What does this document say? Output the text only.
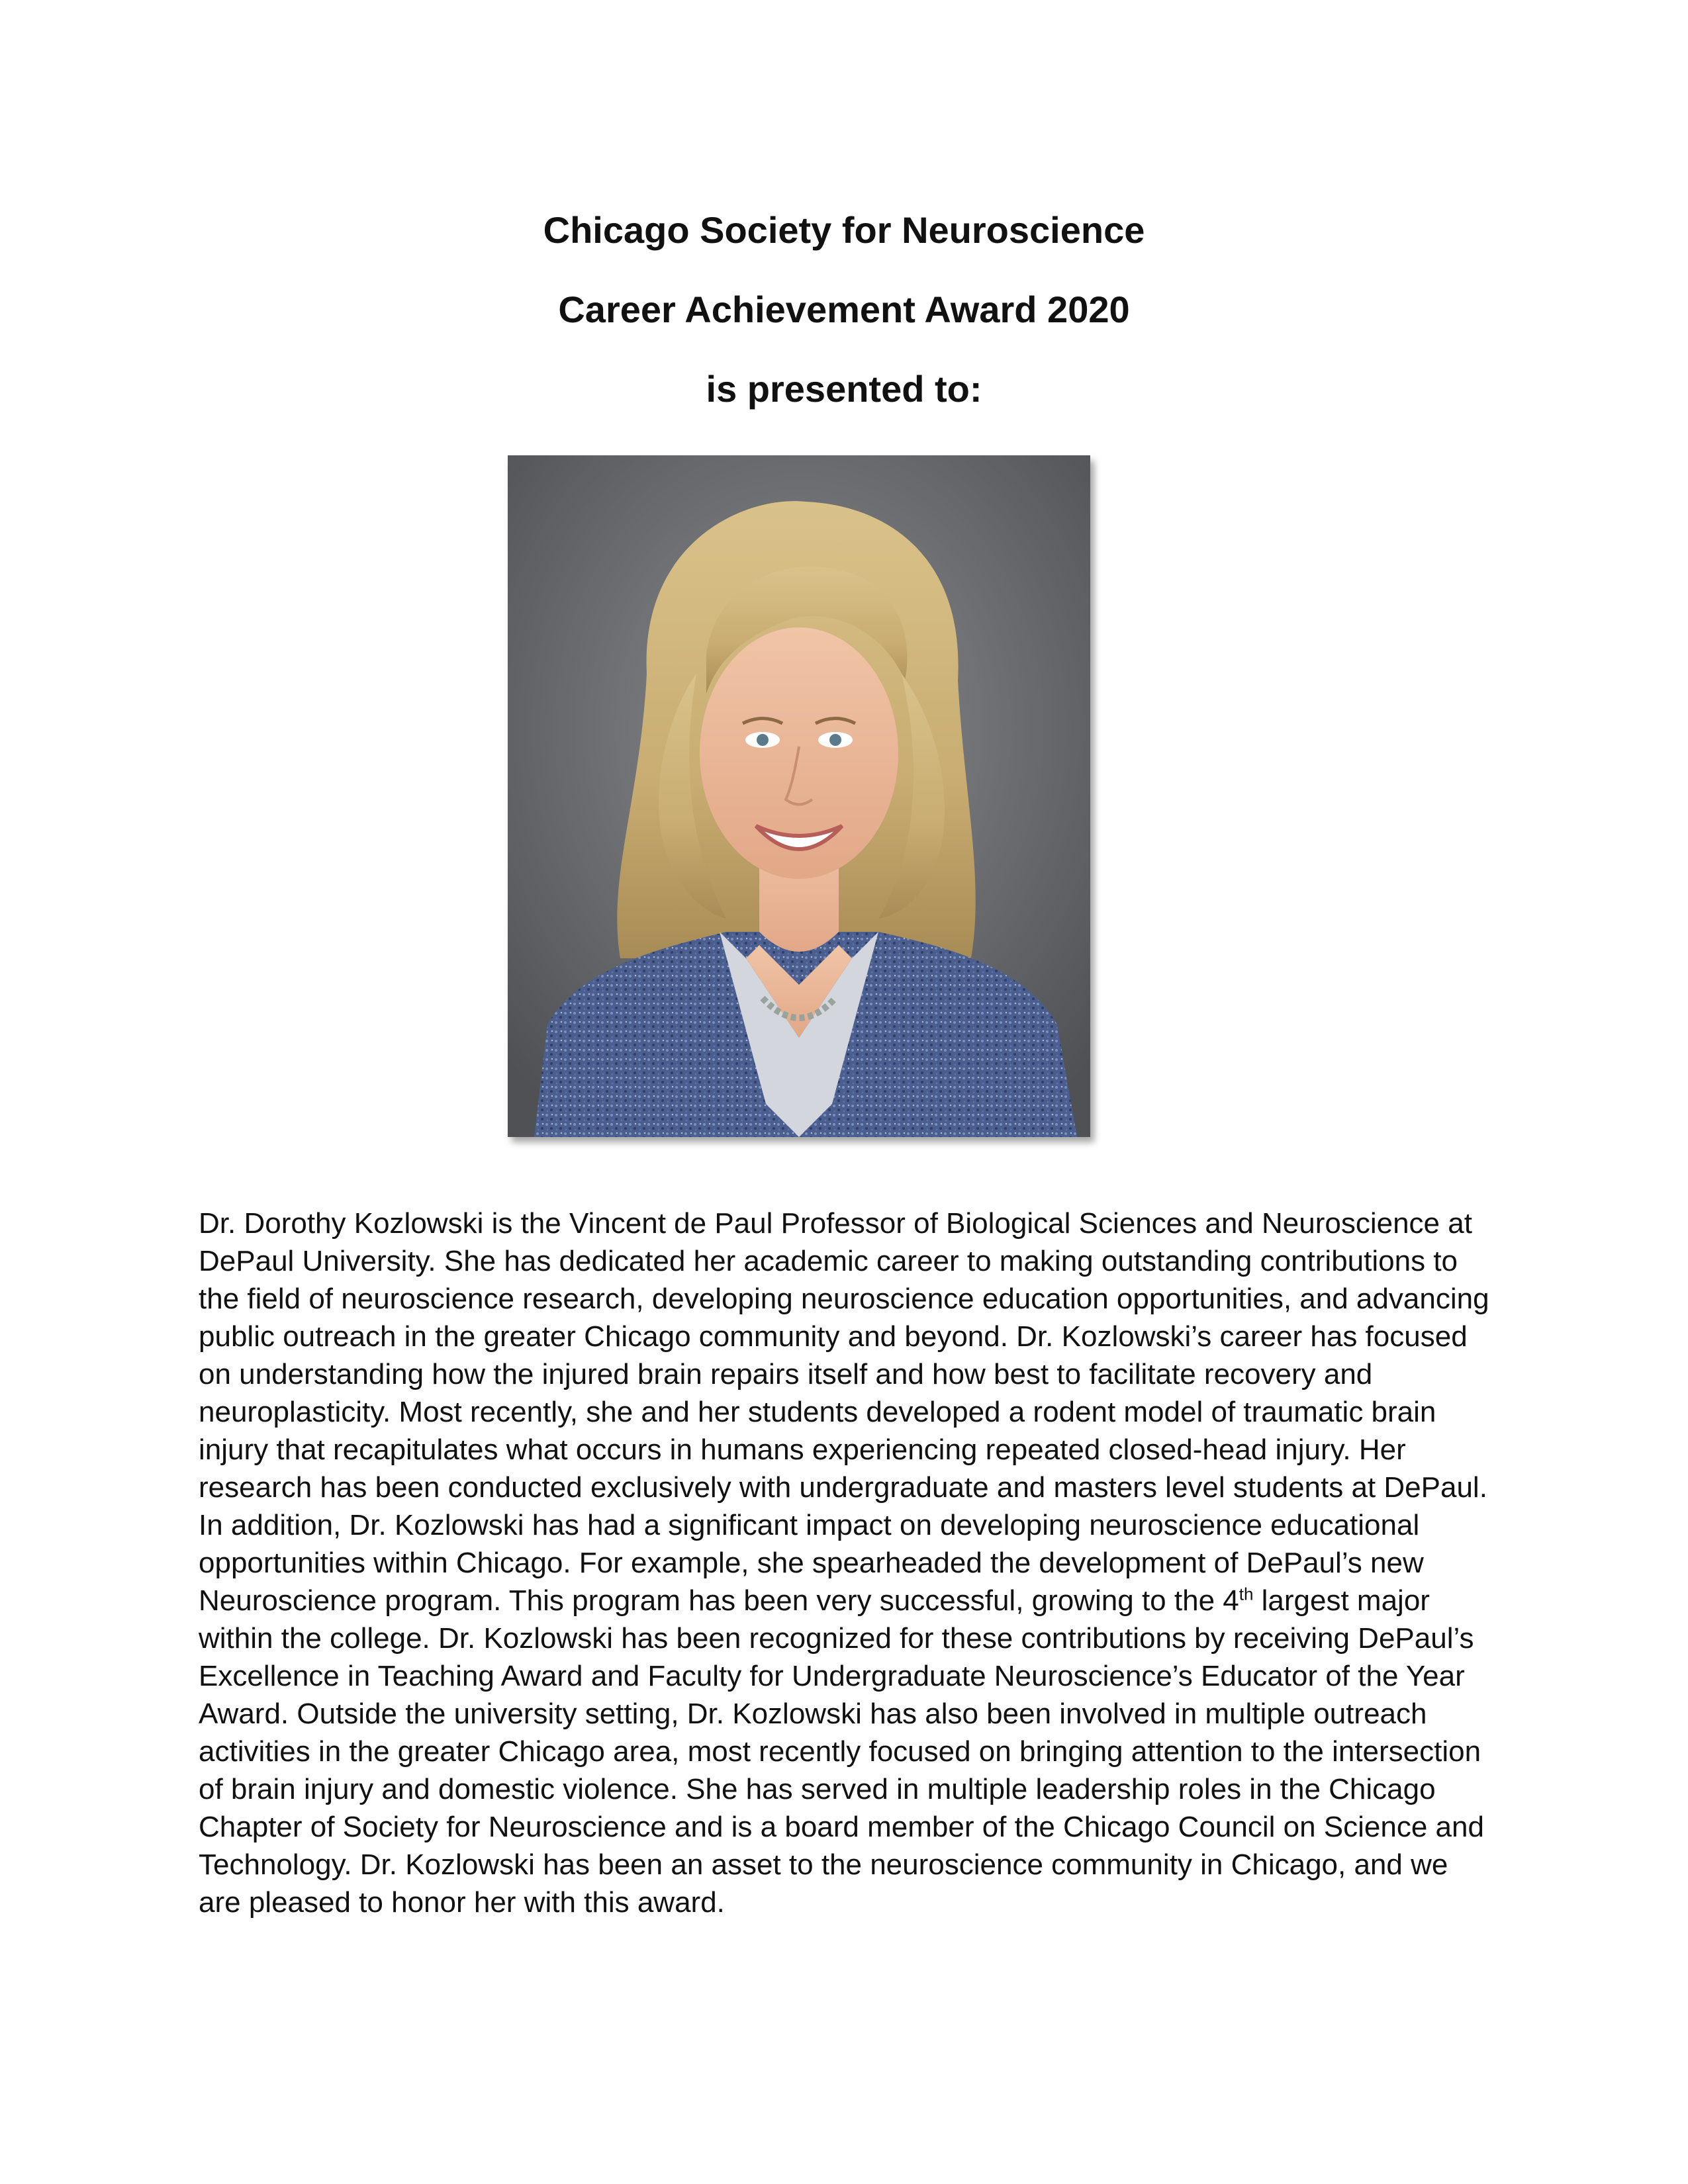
Chicago Society for Neuroscience
Career Achievement Award 2020
is presented to:

Dr. Dorothy Kozlowski is the Vincent de Paul Professor of Biological Sciences and Neuroscience at DePaul University. She has dedicated her academic career to making outstanding contributions to the field of neuroscience research, developing neuroscience education opportunities, and advancing public outreach in the greater Chicago community and beyond. Dr. Kozlowski’s career has focused on understanding how the injured brain repairs itself and how best to facilitate recovery and neuroplasticity. Most recently, she and her students developed a rodent model of traumatic brain injury that recapitulates what occurs in humans experiencing repeated closed-head injury. Her research has been conducted exclusively with undergraduate and masters level students at DePaul. In addition, Dr. Kozlowski has had a significant impact on developing neuroscience educational opportunities within Chicago. For example, she spearheaded the development of DePaul’s new Neuroscience program. This program has been very successful, growing to the 4th largest major within the college. Dr. Kozlowski has been recognized for these contributions by receiving DePaul’s Excellence in Teaching Award and Faculty for Undergraduate Neuroscience’s Educator of the Year Award. Outside the university setting, Dr. Kozlowski has also been involved in multiple outreach activities in the greater Chicago area, most recently focused on bringing attention to the intersection of brain injury and domestic violence. She has served in multiple leadership roles in the Chicago Chapter of Society for Neuroscience and is a board member of the Chicago Council on Science and Technology. Dr. Kozlowski has been an asset to the neuroscience community in Chicago, and we are pleased to honor her with this award.
